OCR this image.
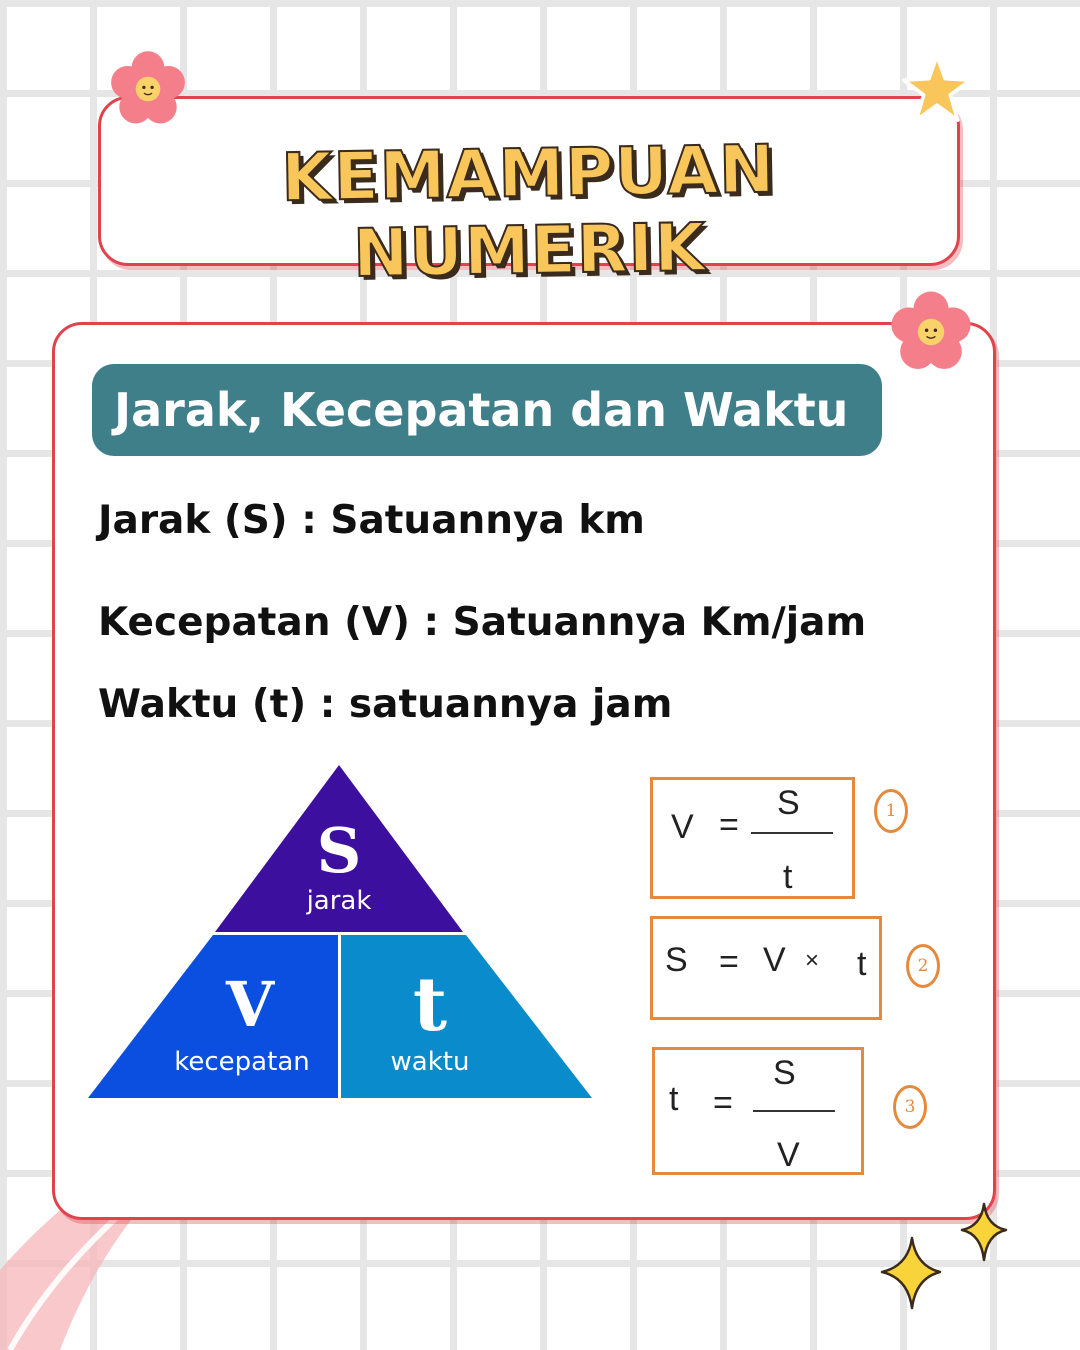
KEMAMPUAN NUMERIK
Jarak, Kecepatan dan Waktu
Jarak (S) : Satuannya km
Kecepatan (V) : Satuannya Km/jam
Waktu (t) : satuannya jam
S
jarak
V
kecepatan
t
waktu
V =
S
t
1
S = V × t	2
t =
S
V
3
